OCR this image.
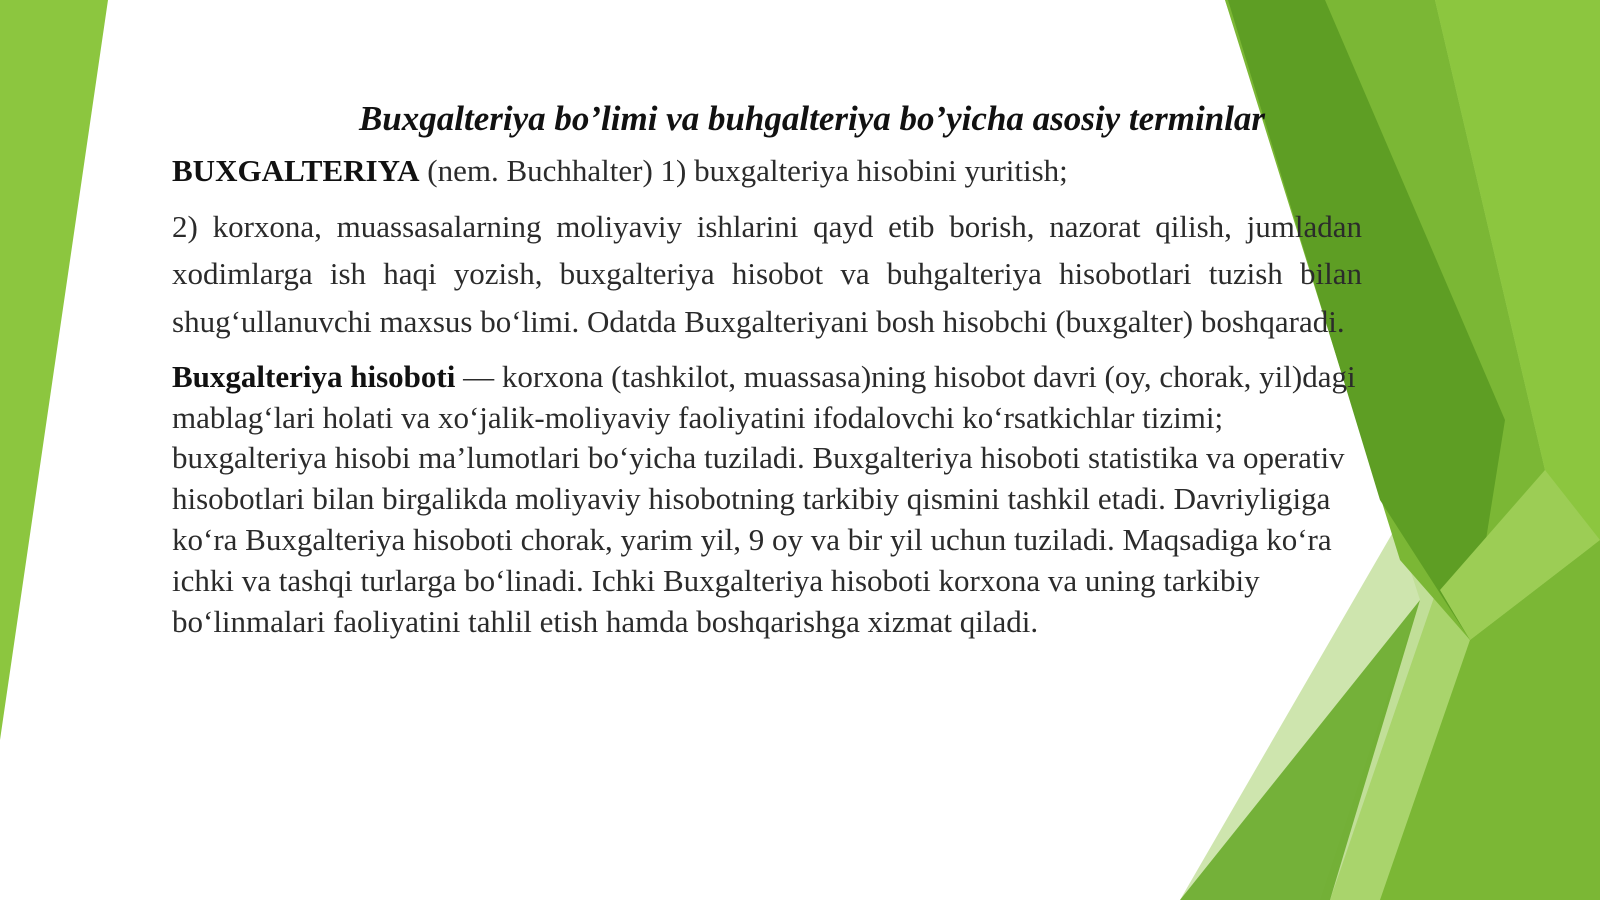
Buxgalteriya bo’limi va buhgalteriya bo’yicha asosiy terminlar

BUXGALTERIYA (nem. Buchhalter) 1) buxgalteriya hisobini yuritish;

2) korxona, muassasalarning moliyaviy ishlarini qayd etib borish, nazorat qilish, jumladan xodimlarga ish haqi yozish, buxgalteriya hisobot va buhgalteriya hisobotlari tuzish bilan shug‘ullanuvchi maxsus bo‘limi. Odatda Buxgalteriyani bosh hisobchi (buxgalter) boshqaradi.

Buxgalteriya hisoboti — korxona (tashkilot, muassasa)ning hisobot davri (oy, chorak, yil)dagi mablag‘lari holati va xo‘jalik-moliyaviy faoliyatini ifodalovchi ko‘rsatkichlar tizimi; buxgalteriya hisobi ma’lumotlari bo‘yicha tuziladi. Buxgalteriya hisoboti statistika va operativ hisobotlari bilan birgalikda moliyaviy hisobotning tarkibiy qismini tashkil etadi. Davriyligiga ko‘ra Buxgalteriya hisoboti chorak, yarim yil, 9 oy va bir yil uchun tuziladi. Maqsadiga ko‘ra ichki va tashqi turlarga bo‘linadi. Ichki Buxgalteriya hisoboti korxona va uning tarkibiy bo‘linmalari faoliyatini tahlil etish hamda boshqarishga xizmat qiladi.
